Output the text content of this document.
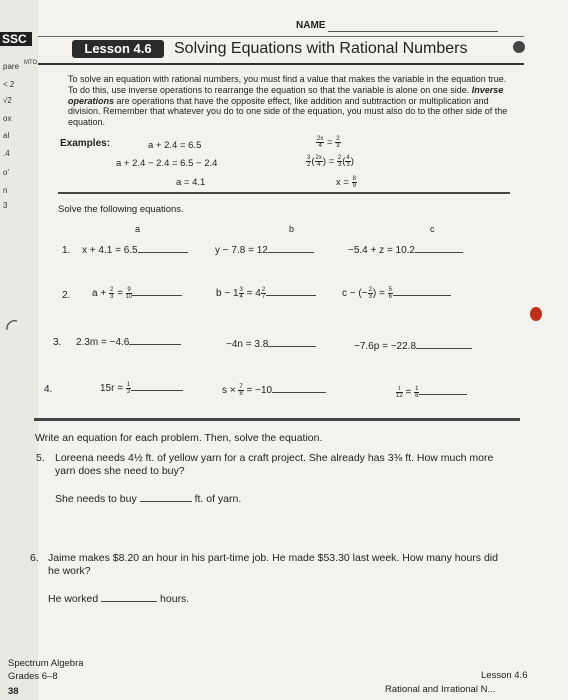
SSC
pare MTO
< 2
√2
ox
al
.4
o'
n
3
NAME
Lesson 4.6	Solving Equations with Rational Numbers
To solve an equation with rational numbers, you must find a value that makes the variable in the equation true. To do this, use inverse operations to rearrange the equation so that the variable is alone on one side. Inverse operations are operations that have the opposite effect, like addition and subtraction or multiplication and division. Remember that whatever you do to one side of the equation, you must also do to the other side of the equation.
Examples:	a + 2.4 = 6.5
a + 2.4 − 2.4 = 6.5 − 2.4
a = 4.1
$\frac{2x}{4} = \frac{2}{3}$
$\frac{3}{2}$ ( $\frac{2x}{4}$ ) = $\frac{2}{3}$ ( $\frac{4}{3}$ )
$x = \frac{8}{9}$
Solve the following equations.
a	b	c
1. x + 4.1 = 6.5	y − 7.8 = 12	−5.4 + z = 10.2
2. $a + \frac{2}{3} = \frac{9}{10}$	$b - 1 \frac{3}{4} = 4 \frac{2}{7}$	c − (− $\frac{2}{3}$ ) = $\frac{5}{6}$
3. 2.3m = −4.6	−4n = 3.8	−7.6p = −22.8
4.	$15r = \frac{1}{3}$	$s \times \frac{7}{8} = -10$	$\frac{t}{12} = \frac{1}{6}$
Write an equation for each problem. Then, solve the equation.
5. Loreena needs 4½ ft. of yellow yarn for a craft project. She already has 3⅜ ft. How much more yarn does she need to buy?
She needs to buy	ft. of yarn.
6. Jaime makes $8.20 an hour in his part-time job. He made $53.30 last week. How many hours did he work?
He worked	hours.
Spectrum Algebra
Grades 6–8
38
Lesson 4.6
Rational and Irrational N...
